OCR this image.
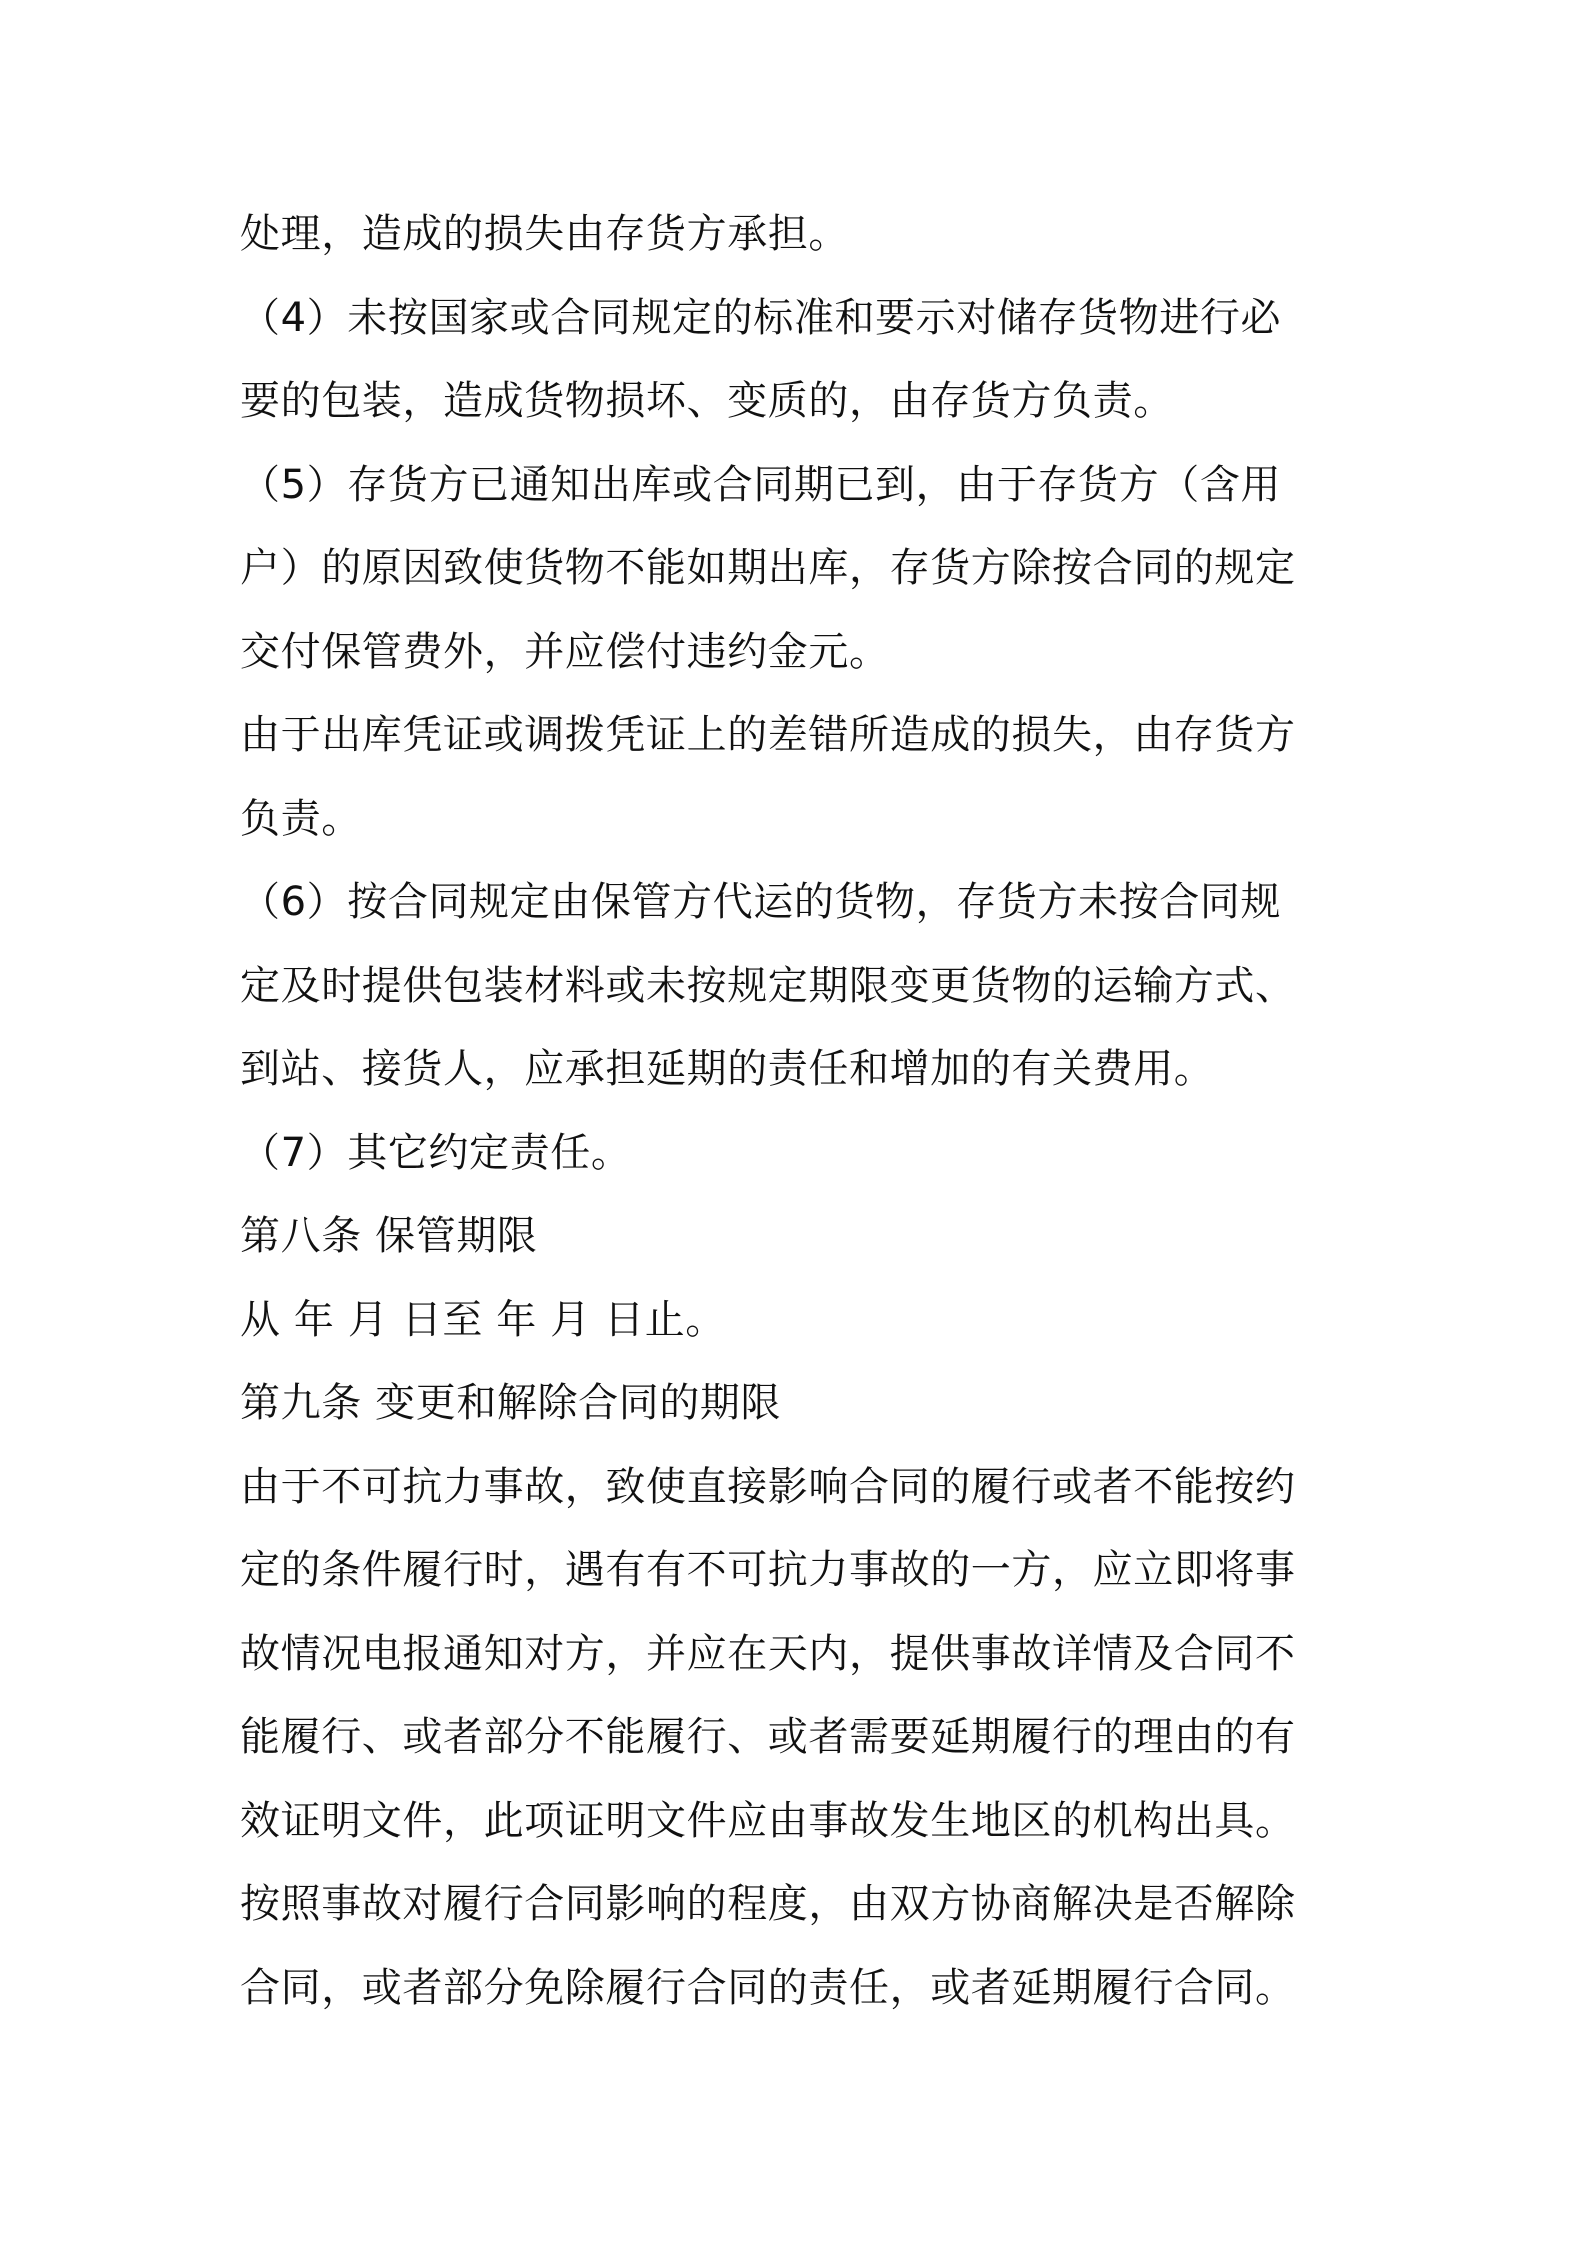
处理，造成的损失由存货方承担。
（4）未按国家或合同规定的标准和要示对储存货物进行必
要的包装，造成货物损坏、变质的，由存货方负责。
（5）存货方已通知出库或合同期已到，由于存货方（含用
户）的原因致使货物不能如期出库，存货方除按合同的规定
交付保管费外，并应偿付违约金元。
由于出库凭证或调拨凭证上的差错所造成的损失，由存货方
负责。
（6）按合同规定由保管方代运的货物，存货方未按合同规
定及时提供包装材料或未按规定期限变更货物的运输方式、
到站、接货人，应承担延期的责任和增加的有关费用。
（7）其它约定责任。
第八条 保管期限
从 年 月 日至 年 月 日止。
第九条 变更和解除合同的期限
由于不可抗力事故，致使直接影响合同的履行或者不能按约
定的条件履行时，遇有有不可抗力事故的一方，应立即将事
故情况电报通知对方，并应在天内，提供事故详情及合同不
能履行、或者部分不能履行、或者需要延期履行的理由的有
效证明文件，此项证明文件应由事故发生地区的机构出具。
按照事故对履行合同影响的程度，由双方协商解决是否解除
合同，或者部分免除履行合同的责任，或者延期履行合同。
